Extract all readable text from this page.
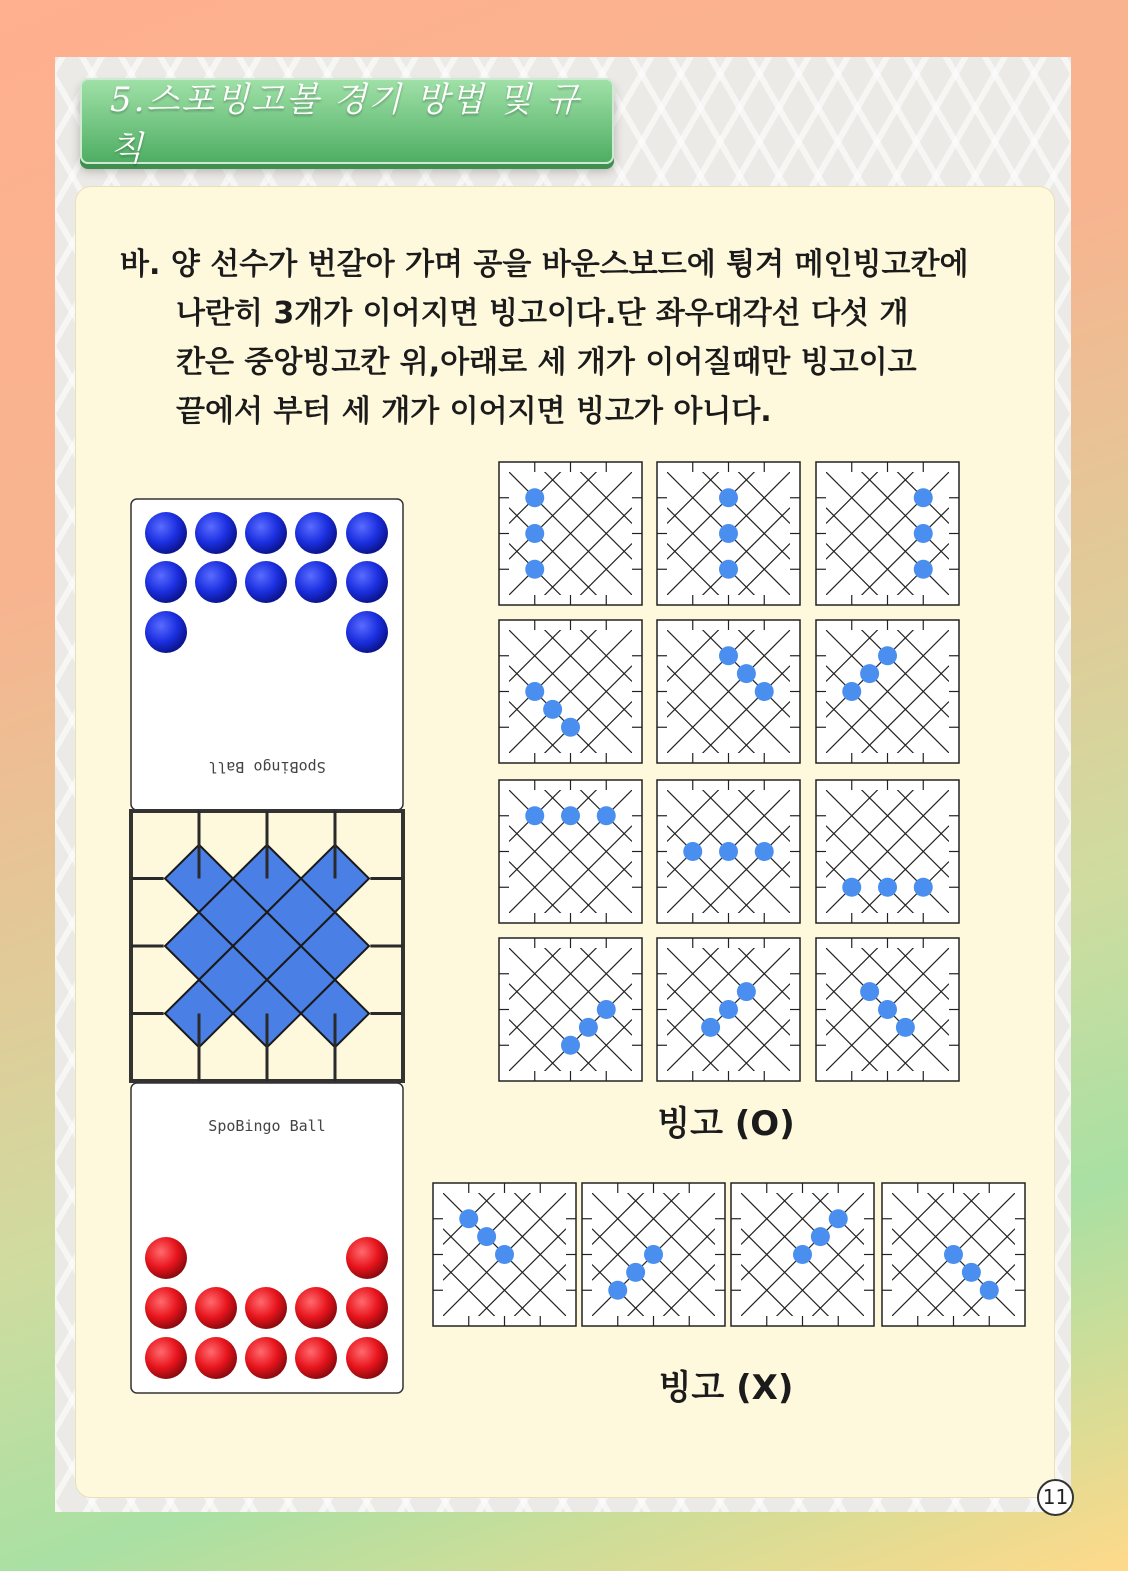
5.스포빙고볼 경기 방법 및 규칙
바. 양 선수가 번갈아 가며 공을 바운스보드에 튕겨 메인빙고칸에
나란히 3개가 이어지면 빙고이다.단 좌우대각선 다섯 개
칸은 중앙빙고칸 위,아래로 세 개가 이어질때만 빙고이고
끝에서 부터 세 개가 이어지면 빙고가 아니다.
SpoBingo Ball
SpoBingo Ball	빙고 (O)
빙고 (X)
11
